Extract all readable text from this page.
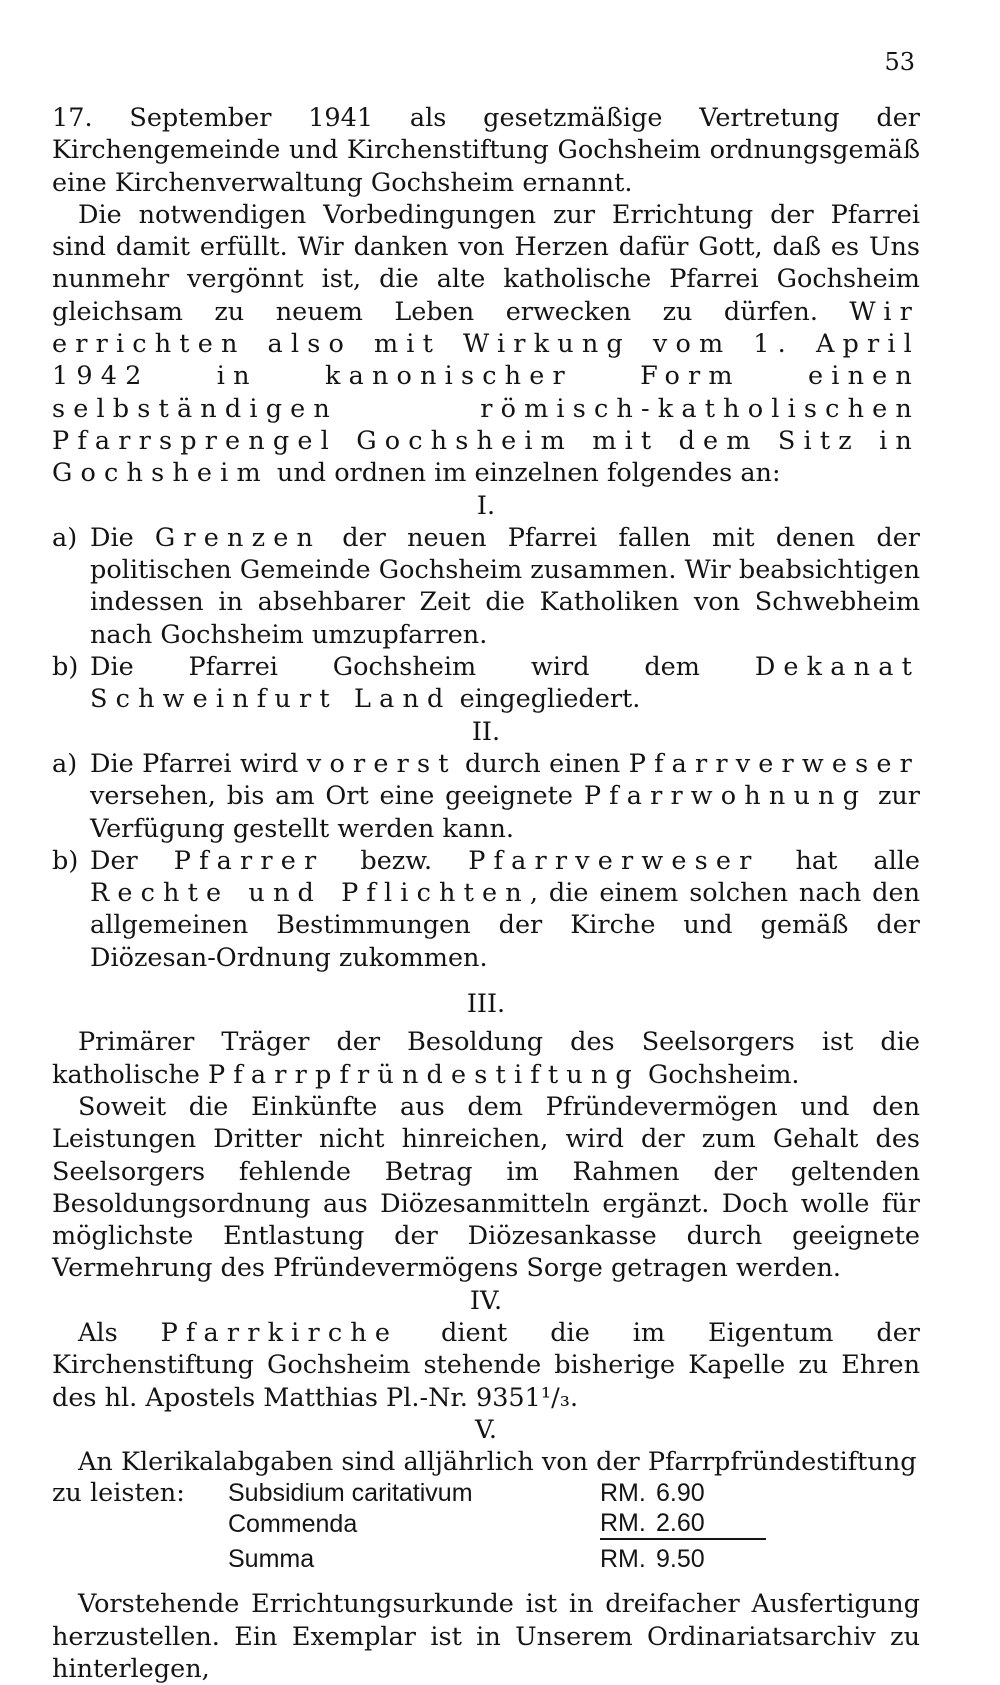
53

17. September 1941 als gesetzmäßige Vertretung der Kirchengemeinde und Kirchenstiftung Gochsheim ordnungsgemäß eine Kirchenverwaltung Gochsheim ernannt.

Die notwendigen Vorbedingungen zur Errichtung der Pfarrei sind damit erfüllt. Wir danken von Herzen dafür Gott, daß es Uns nunmehr vergönnt ist, die alte katholische Pfarrei Gochsheim gleichsam zu neuem Leben erwecken zu dürfen. Wir errichten also mit Wirkung vom 1. April 1942 in kanonischer Form einen selbständigen römisch-katholischen Pfarrsprengel Gochsheim mit dem Sitz in Gochsheim und ordnen im einzelnen folgendes an:

I.
a) Die Grenzen der neuen Pfarrei fallen mit denen der politischen Gemeinde Gochsheim zusammen. Wir beabsichtigen indessen in absehbarer Zeit die Katholiken von Schwebheim nach Gochsheim umzupfarren.
b) Die Pfarrei Gochsheim wird dem Dekanat Schweinfurt Land eingegliedert.
II.
a) Die Pfarrei wird vorerst durch einen Pfarrverweser versehen, bis am Ort eine geeignete Pfarrwohnung zur Verfügung gestellt werden kann.
b) Der Pfarrer bezw. Pfarrverweser hat alle Rechte und Pflichten, die einem solchen nach den allgemeinen Bestimmungen der Kirche und gemäß der Diözesan-Ordnung zukommen.
III.

Primärer Träger der Besoldung des Seelsorgers ist die katholische Pfarrpfründestiftung Gochsheim.

Soweit die Einkünfte aus dem Pfründevermögen und den Leistungen Dritter nicht hinreichen, wird der zum Gehalt des Seelsorgers fehlende Betrag im Rahmen der geltenden Besoldungsordnung aus Diözesanmitteln ergänzt. Doch wolle für möglichste Entlastung der Diözesankasse durch geeignete Vermehrung des Pfründevermögens Sorge getragen werden.

IV.

Als Pfarrkirche dient die im Eigentum der Kirchenstiftung Gochsheim stehende bisherige Kapelle zu Ehren des hl. Apostels Matthias Pl.-Nr. 9351¹/₃.

V.

An Klerikalabgaben sind alljährlich von der Pfarrpfründestiftung

zu leisten:	Subsidium caritativum	RM.	6.90
	Commenda	RM.	2.60

	Summa	RM.	9.50

Vorstehende Errichtungsurkunde ist in dreifacher Ausfertigung herzustellen. Ein Exemplar ist in Unserem Ordinariatsarchiv zu hinterlegen,
